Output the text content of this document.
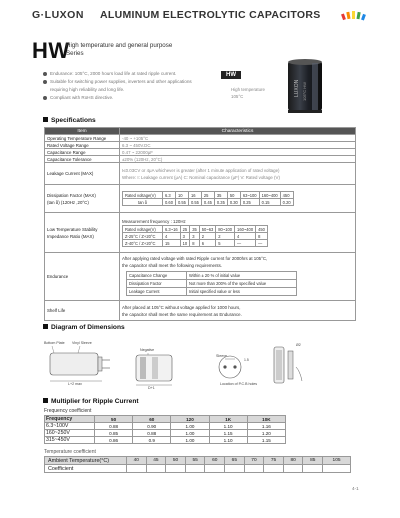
G·LUXON ALUMINUM ELECTROLYTIC CAPACITORS
HW
High temperature and general purpose
Series
Endurance: 105°C, 2000 hours load life at rated ripple current.
Suitable for switching power supplies, inverters and other applications
requiring high reliability and long life.
Compliant with RoHS directive.
HW
High temperature
105°C	LUXON 105°C HW
Specifications
Item	Characteristics
Operating Temperature Range	-40 ~ +105°C
Rated Voltage Range	6.3 ~ 450V.DC
Capacitance Range	0.47 ~ 22000μF
Capacitance Tolerance	±20% (120Hz, 20°C)
Leakage Current (MAX)	
I≤0.03CV or 4μA whichever is greater (after 1 minute application of rated voltage)
Where: I: Leakage current (μA) C: Nominal capacitance (μF) V: Rated voltage (V)

Dissipation Factor (MAX)
(tan δ) (120Hz ,20°C)

Rated voltage(V)	6.3	10	16	25	35	50	63~100	160~400	450
tan δ	0.60	0.55	0.55	0.45	0.35	0.30	0.25	0.15	0.20

Low Temperature Stability
Impedance Ratio (MAX)

Measurement frequency : 120Hz
Rated voltage(V)	6.3~16	25	35	50~63	80~100	160~400	450
Z-25°C / Z+20°C	4	3	3	2	2	4	8
Z-40°C / Z+20°C	15	10	8	6	5	—	—

Endurance	
After applying rated voltage with rated Ripple current for 2000hrs at 105°C,
the capacitor shall meet the following requirements.
Capacitance Change	Within ± 20 % of initial value
Dissipation Factor	Not more than 200% of the specified value
Leakage Current	Initial specified value or less

Shelf Life	
After placed at 105°C without voltage applied for 1000 hours,
the capacitor shall meet the same requirement as Endurance.
Diagram of Dimensions
Bottom Plate Vinyl Sleeve
L+2 max
Negative
D+1
Sleeve
1.5
Location of P.C.B holes
Ø2
Multiplier for Ripple Current
Frequency coefficient
Frequency	50	60	120	1K	10K
6.3~100V	0.88	0.90	1.00	1.10	1.16
160~250V	0.85	0.88	1.00	1.15	1.20
315~450V	0.86	0.9	1.00	1.10	1.15
Temperature coefficient
Ambient Temperature(°C)	40	45	50	55	60	65	70	75	80	85	105
Coefficient											
4-1
